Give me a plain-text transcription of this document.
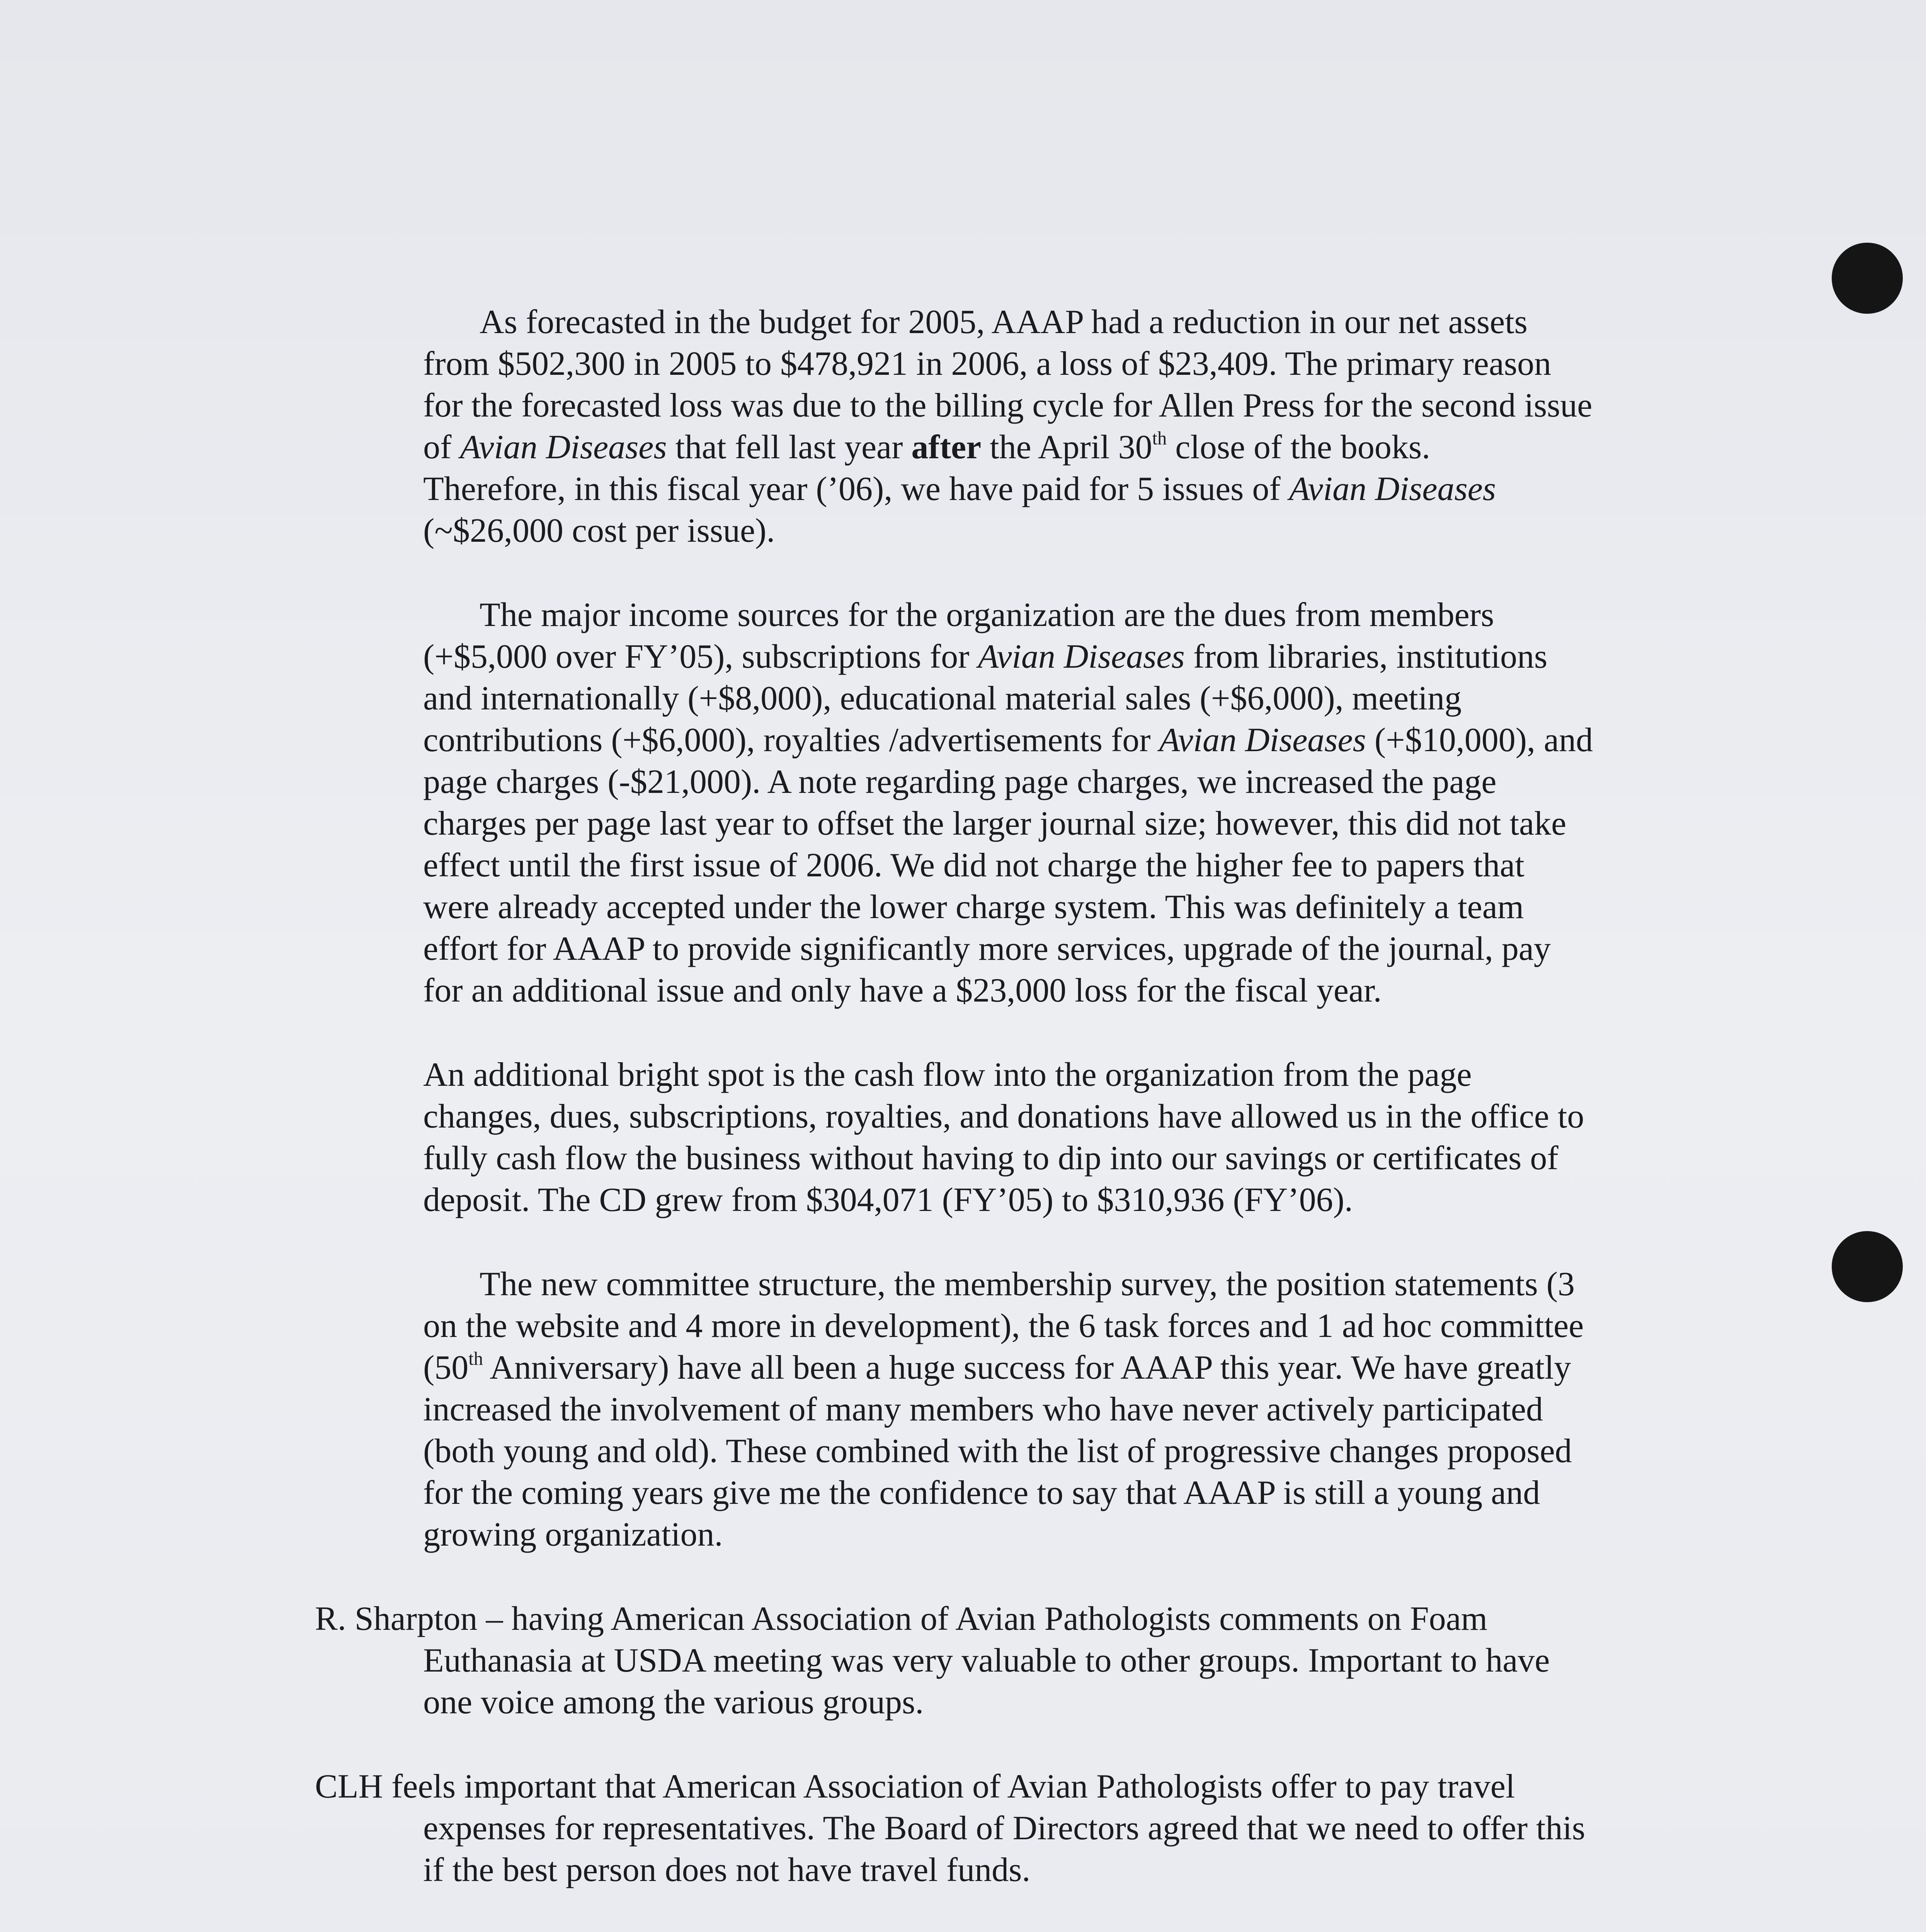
As forecasted in the budget for 2005, AAAP had a reduction in our net assets
from $502,300 in 2005 to $478,921 in 2006, a loss of $23,409. The primary reason
for the forecasted loss was due to the billing cycle for Allen Press for the second issue
of Avian Diseases that fell last year after the April 30th close of the books.
Therefore, in this fiscal year (’06), we have paid for 5 issues of Avian Diseases
(~$26,000 cost per issue).
The major income sources for the organization are the dues from members
(+$5,000 over FY’05), subscriptions for Avian Diseases from libraries, institutions
and internationally (+$8,000), educational material sales (+$6,000), meeting
contributions (+$6,000), royalties /advertisements for Avian Diseases (+$10,000), and
page charges (-$21,000). A note regarding page charges, we increased the page
charges per page last year to offset the larger journal size; however, this did not take
effect until the first issue of 2006. We did not charge the higher fee to papers that
were already accepted under the lower charge system. This was definitely a team
effort for AAAP to provide significantly more services, upgrade of the journal, pay
for an additional issue and only have a $23,000 loss for the fiscal year.
An additional bright spot is the cash flow into the organization from the page
changes, dues, subscriptions, royalties, and donations have allowed us in the office to
fully cash flow the business without having to dip into our savings or certificates of
deposit. The CD grew from $304,071 (FY’05) to $310,936 (FY’06).
The new committee structure, the membership survey, the position statements (3
on the website and 4 more in development), the 6 task forces and 1 ad hoc committee
(50th Anniversary) have all been a huge success for AAAP this year. We have greatly
increased the involvement of many members who have never actively participated
(both young and old). These combined with the list of progressive changes proposed
for the coming years give me the confidence to say that AAAP is still a young and
growing organization.
R. Sharpton – having American Association of Avian Pathologists comments on Foam
Euthanasia at USDA meeting was very valuable to other groups. Important to have
one voice among the various groups.
CLH feels important that American Association of Avian Pathologists offer to pay travel
expenses for representatives. The Board of Directors agreed that we need to offer this
if the best person does not have travel funds.
